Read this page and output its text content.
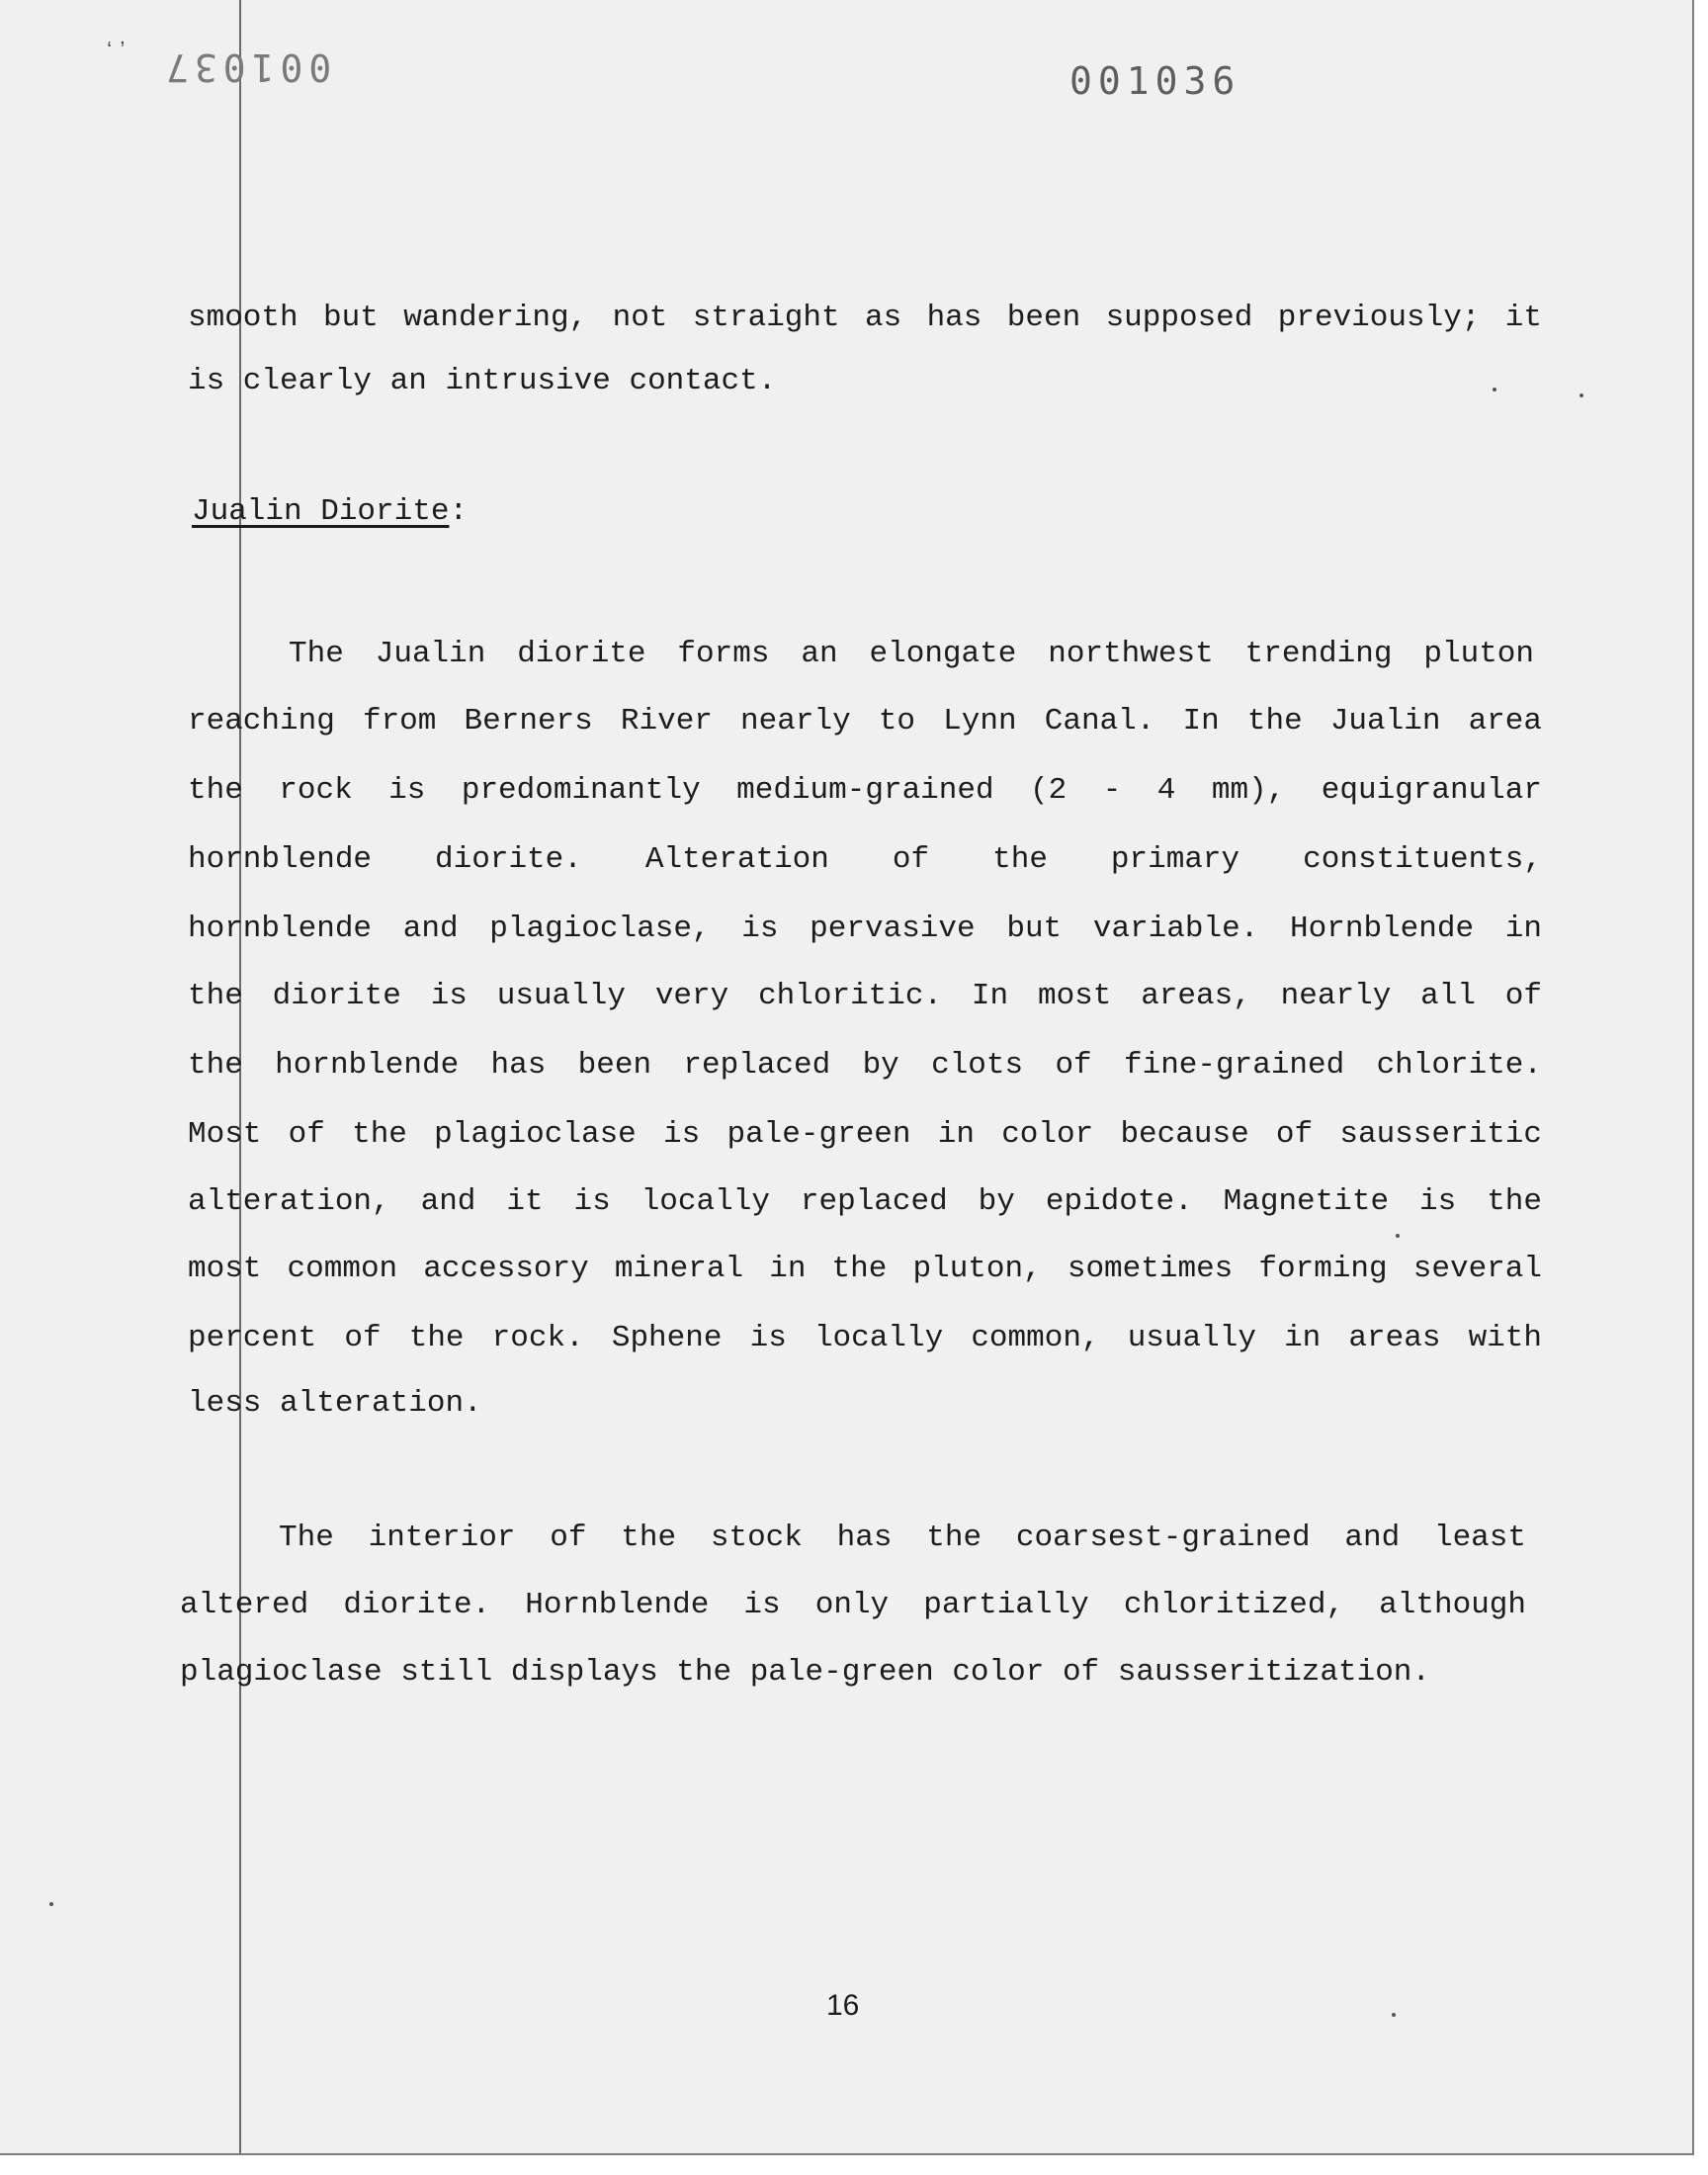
ʻʼ 001037	001036
smooth but wandering, not straight as has been supposed previously; it
is clearly an intrusive contact.
Jualin Diorite:
The Jualin diorite forms an elongate northwest trending pluton
reaching from Berners River nearly to Lynn Canal. In the Jualin area
the rock is predominantly medium-grained (2 - 4 mm), equigranular
hornblende diorite. Alteration of the primary constituents,
hornblende and plagioclase, is pervasive but variable. Hornblende in
the diorite is usually very chloritic. In most areas, nearly all of
the hornblende has been replaced by clots of fine-grained chlorite.
Most of the plagioclase is pale-green in color because of sausseritic
alteration, and it is locally replaced by epidote. Magnetite is the
most common accessory mineral in the pluton, sometimes forming several
percent of the rock. Sphene is locally common, usually in areas with
less alteration.
The interior of the stock has the coarsest-grained and least
altered diorite. Hornblende is only partially chloritized, although
plagioclase still displays the pale-green color of sausseritization.
16
